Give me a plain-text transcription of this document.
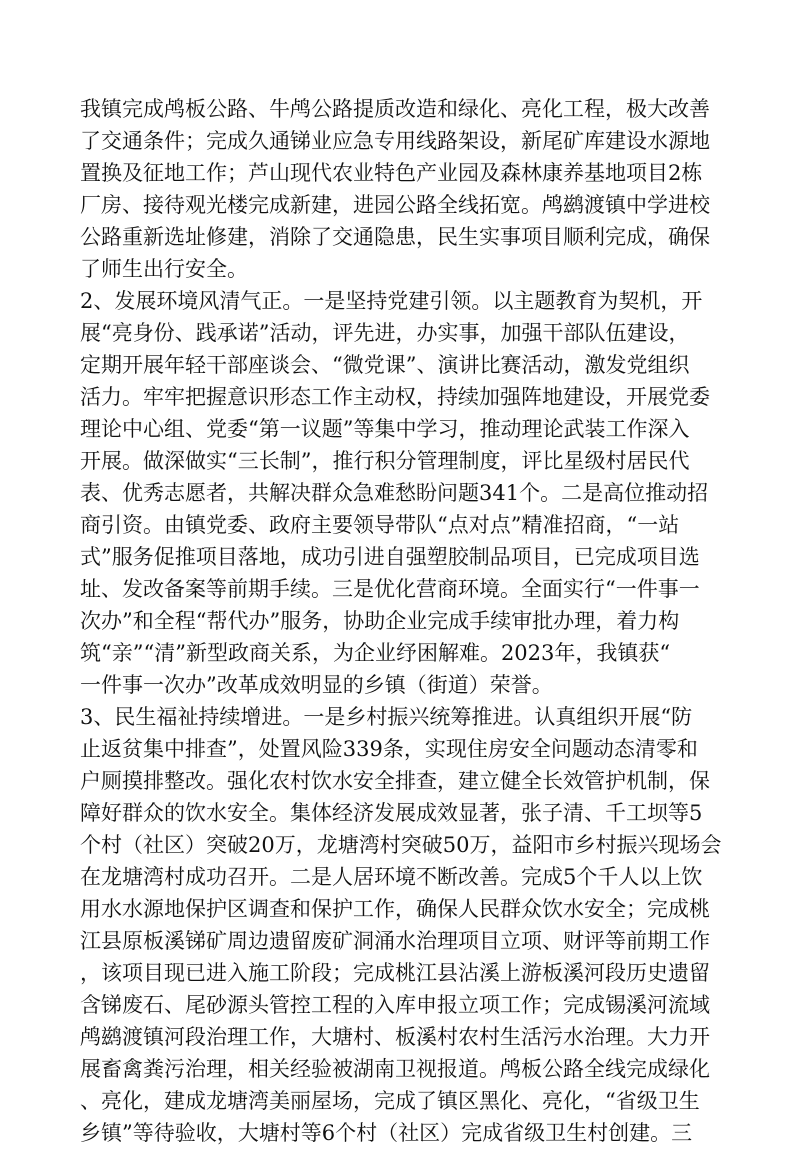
我镇完成鸬板公路、牛鸬公路提质改造和绿化、亮化工程，极大改善
了交通条件；完成久通锑业应急专用线路架设，新尾矿库建设水源地
置换及征地工作；芦山现代农业特色产业园及森林康养基地项目2栋
厂房、接待观光楼完成新建，进园公路全线拓宽。鸬鹚渡镇中学进校
公路重新选址修建，消除了交通隐患，民生实事项目顺利完成，确保
了师生出行安全。
2、发展环境风清气正。一是坚持党建引领。以主题教育为契机，开
展“亮身份、践承诺”活动，评先进，办实事，加强干部队伍建设，
定期开展年轻干部座谈会、“微党课”、演讲比赛活动，激发党组织
活力。牢牢把握意识形态工作主动权，持续加强阵地建设，开展党委
理论中心组、党委“第一议题”等集中学习，推动理论武装工作深入
开展。做深做实“三长制”，推行积分管理制度，评比星级村居民代
表、优秀志愿者，共解决群众急难愁盼问题341个。二是高位推动招
商引资。由镇党委、政府主要领导带队“点对点”精准招商，“一站
式”服务促推项目落地，成功引进自强塑胶制品项目，已完成项目选
址、发改备案等前期手续。三是优化营商环境。全面实行“一件事一
次办”和全程“帮代办”服务，协助企业完成手续审批办理，着力构
筑“亲”“清”新型政商关系，为企业纾困解难。2023年，我镇获“
一件事一次办”改革成效明显的乡镇（街道）荣誉。
3、民生福祉持续增进。一是乡村振兴统筹推进。认真组织开展“防
止返贫集中排查”，处置风险339条，实现住房安全问题动态清零和
户厕摸排整改。强化农村饮水安全排查，建立健全长效管护机制，保
障好群众的饮水安全。集体经济发展成效显著，张子清、千工坝等5
个村（社区）突破20万，龙塘湾村突破50万，益阳市乡村振兴现场会
在龙塘湾村成功召开。二是人居环境不断改善。完成5个千人以上饮
用水水源地保护区调查和保护工作，确保人民群众饮水安全；完成桃
江县原板溪锑矿周边遗留废矿洞涌水治理项目立项、财评等前期工作
，该项目现已进入施工阶段；完成桃江县沾溪上游板溪河段历史遗留
含锑废石、尾砂源头管控工程的入库申报立项工作；完成锡溪河流域
鸬鹚渡镇河段治理工作，大塘村、板溪村农村生活污水治理。大力开
展畜禽粪污治理，相关经验被湖南卫视报道。鸬板公路全线完成绿化
、亮化，建成龙塘湾美丽屋场，完成了镇区黑化、亮化，“省级卫生
乡镇”等待验收，大塘村等6个村（社区）完成省级卫生村创建。三
